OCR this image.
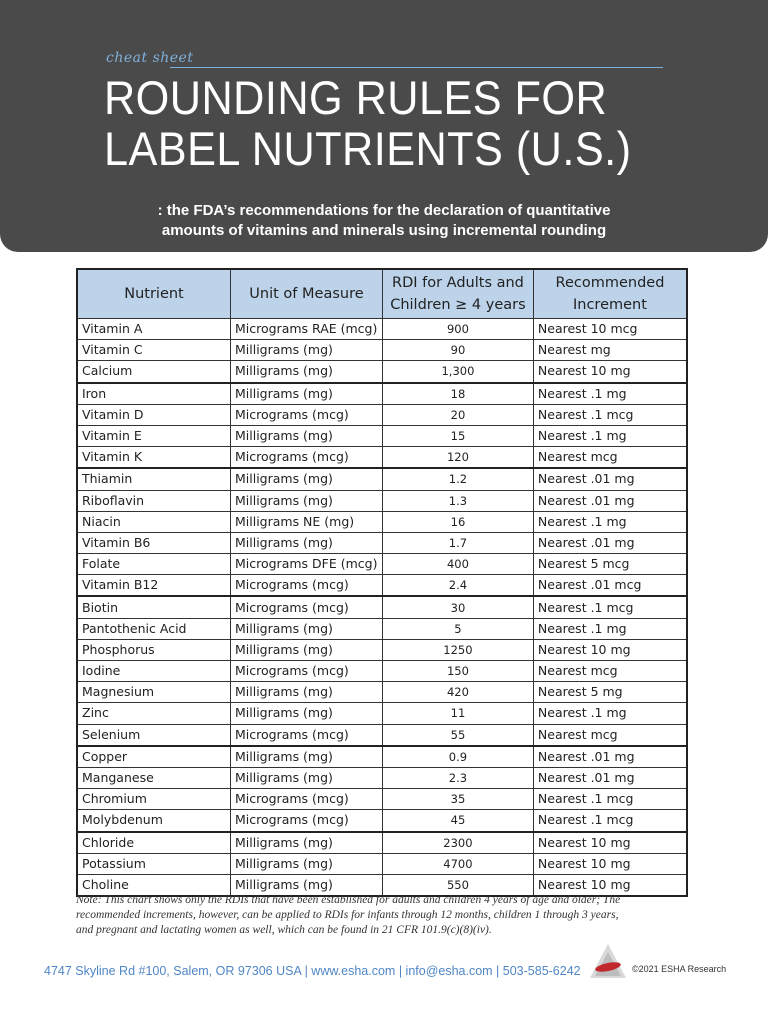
cheat sheet
ROUNDING RULES FOR
LABEL NUTRIENTS (U.S.)
: the FDA’s recommendations for the declaration of quantitative
amounts of vitamins and minerals using incremental rounding
Nutrient	Unit of Measure	RDI for Adults and Children ≥ 4 years	Recommended Increment
Vitamin A	Micrograms RAE (mcg)	900	Nearest 10 mcg
Vitamin C	Milligrams (mg)	90	Nearest mg
Calcium	Milligrams (mg)	1,300	Nearest 10 mg
Iron	Milligrams (mg)	18	Nearest .1 mg
Vitamin D	Micrograms (mcg)	20	Nearest .1 mcg
Vitamin E	Milligrams (mg)	15	Nearest .1 mg
Vitamin K	Micrograms (mcg)	120	Nearest mcg
Thiamin	Milligrams (mg)	1.2	Nearest .01 mg
Riboflavin	Milligrams (mg)	1.3	Nearest .01 mg
Niacin	Milligrams NE (mg)	16	Nearest .1 mg
Vitamin B6	Milligrams (mg)	1.7	Nearest .01 mg
Folate	Micrograms DFE (mcg)	400	Nearest 5 mcg
Vitamin B12	Micrograms (mcg)	2.4	Nearest .01 mcg
Biotin	Micrograms (mcg)	30	Nearest .1 mcg
Pantothenic Acid	Milligrams (mg)	5	Nearest .1 mg
Phosphorus	Milligrams (mg)	1250	Nearest 10 mg
Iodine	Micrograms (mcg)	150	Nearest mcg
Magnesium	Milligrams (mg)	420	Nearest 5 mg
Zinc	Milligrams (mg)	11	Nearest .1 mg
Selenium	Micrograms (mcg)	55	Nearest mcg
Copper	Milligrams (mg)	0.9	Nearest .01 mg
Manganese	Milligrams (mg)	2.3	Nearest .01 mg
Chromium	Micrograms (mcg)	35	Nearest .1 mcg
Molybdenum	Micrograms (mcg)	45	Nearest .1 mcg
Chloride	Milligrams (mg)	2300	Nearest 10 mg
Potassium	Milligrams (mg)	4700	Nearest 10 mg
Choline	Milligrams (mg)	550	Nearest 10 mg
Note: This chart shows only the RDIs that have been established for adults and children 4 years of age and older; The
recommended increments, however, can be applied to RDIs for infants through 12 months, children 1 through 3 years,
and pregnant and lactating women as well, which can be found in 21 CFR 101.9(c)(8)(iv).
4747 Skyline Rd #100, Salem, OR 97306 USA | www.esha.com | info@esha.com | 503-585-6242	©2021 ESHA Research
